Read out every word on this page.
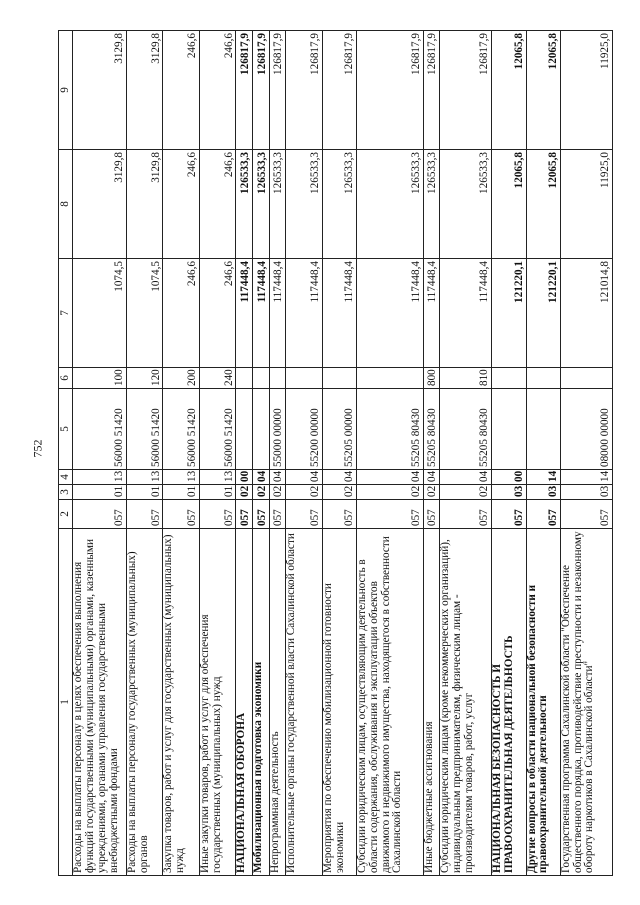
752
1	2	3	4	5	6	7	8	9
Расходы на выплаты персоналу в целях обеспечения выполнения функций государственными (муниципальными) органами, казенными учреждениями, органами управления государственными внебюджетными фондами	057	01	13	56000 51420	100	1074,5	3129,8	3129,8
Расходы на выплаты персоналу государственных (муниципальных) органов	057	01	13	56000 51420	120	1074,5	3129,8	3129,8
Закупка товаров, работ и услуг для государственных (муниципальных) нужд	057	01	13	56000 51420	200	246,6	246,6	246,6
Иные закупки товаров, работ и услуг для обеспечения государственных (муниципальных) нужд	057	01	13	56000 51420	240	246,6	246,6	246,6
НАЦИОНАЛЬНАЯ ОБОРОНА	057	02	00			117448,4	126533,3	126817,9
Мобилизационная подготовка экономики	057	02	04			117448,4	126533,3	126817,9
Непрограммная деятельность	057	02	04	55000 00000		117448,4	126533,3	126817,9
Исполнительные органы государственной власти Сахалинской области	057	02	04	55200 00000		117448,4	126533,3	126817,9
Мероприятия по обеспечению мобилизационной готовности экономики	057	02	04	55205 00000		117448,4	126533,3	126817,9
Субсидии юридическим лицам, осуществляющим деятельность в области содержания, обслуживания и эксплуатации объектов движимого и недвижимого имущества, находящегося в собственности Сахалинской области	057	02	04	55205 80430		117448,4	126533,3	126817,9
Иные бюджетные ассигнования	057	02	04	55205 80430	800	117448,4	126533,3	126817,9
Субсидии юридическим лицам (кроме некоммерческих организаций), индивидуальным предпринимателям, физическим лицам - производителям товаров, работ, услуг	057	02	04	55205 80430	810	117448,4	126533,3	126817,9
НАЦИОНАЛЬНАЯ БЕЗОПАСНОСТЬ И ПРАВООХРАНИТЕЛЬНАЯ ДЕЯТЕЛЬНОСТЬ	057	03	00			121220,1	12065,8	12065,8
Другие вопросы в области национальной безопасности и правоохранительной деятельности	057	03	14			121220,1	12065,8	12065,8
Государственная программа Сахалинской области "Обеспечение общественного порядка, противодействие преступности и незаконному обороту наркотиков в Сахалинской области"	057	03	14	08000 00000		121014,8	11925,0	11925,0
